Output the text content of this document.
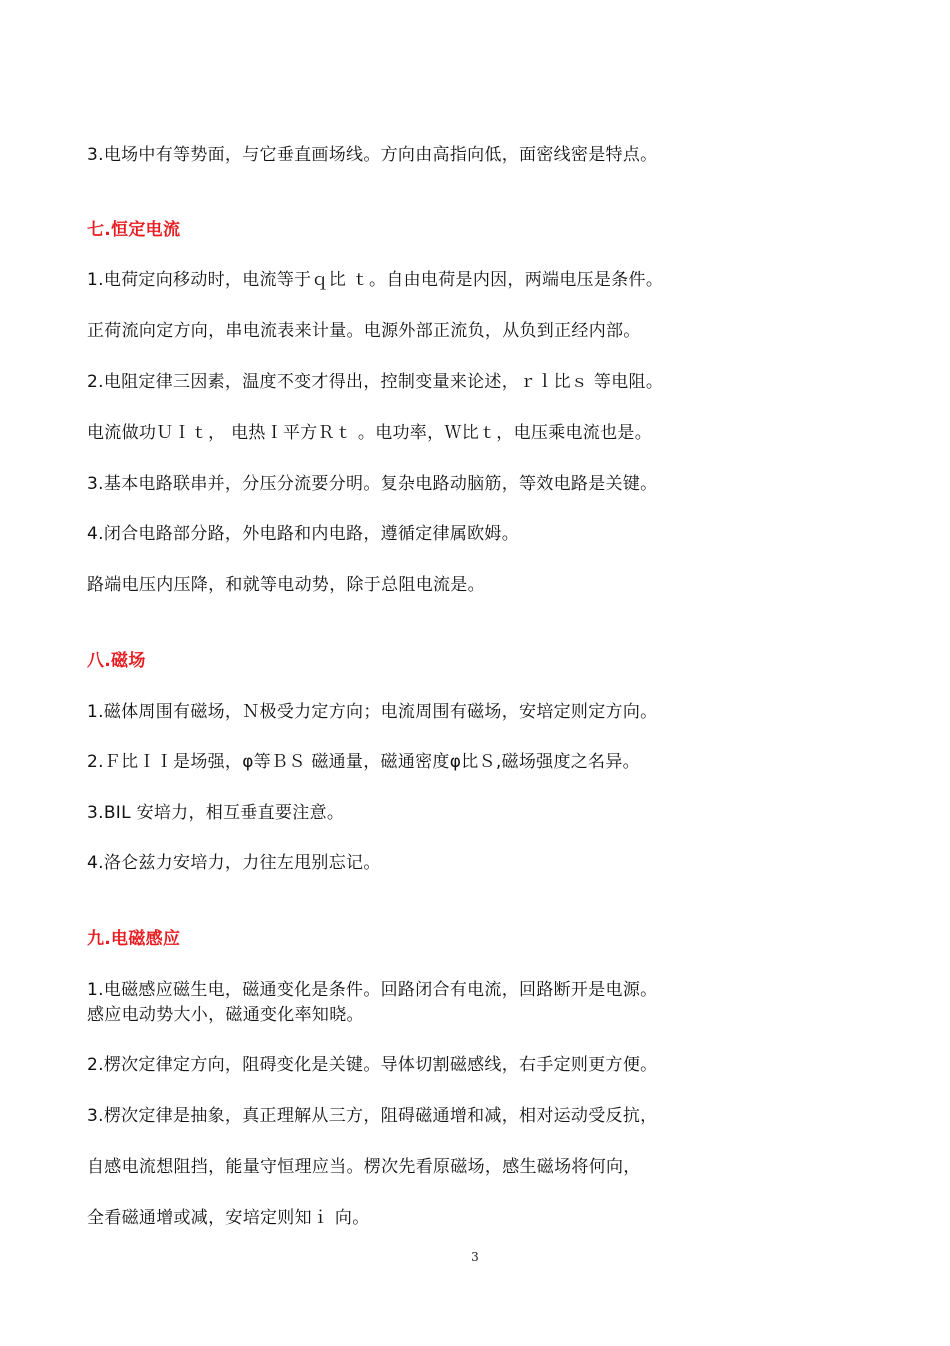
3.电场中有等势面，与它垂直画场线。方向由高指向低，面密线密是特点。
七.恒定电流
1.电荷定向移动时，电流等于ｑ比 ｔ。自由电荷是内因，两端电压是条件。
正荷流向定方向，串电流表来计量。电源外部正流负，从负到正经内部。
2.电阻定律三因素，温度不变才得出，控制变量来论述，ｒｌ比ｓ 等电阻。
电流做功ＵＩｔ， 电热Ｉ平方Ｒｔ 。电功率，Ｗ比ｔ，电压乘电流也是。
3.基本电路联串并，分压分流要分明。复杂电路动脑筋，等效电路是关键。
4.闭合电路部分路，外电路和内电路，遵循定律属欧姆。
路端电压内压降，和就等电动势，除于总阻电流是。
八.磁场
1.磁体周围有磁场，Ｎ极受力定方向；电流周围有磁场，安培定则定方向。
2.Ｆ比ＩＩ是场强，φ等ＢＳ 磁通量，磁通密度φ比Ｓ,磁场强度之名异。
3.BIL 安培力，相互垂直要注意。
4.洛仑兹力安培力，力往左甩别忘记。
九.电磁感应
1.电磁感应磁生电，磁通变化是条件。回路闭合有电流，回路断开是电源。
感应电动势大小，磁通变化率知晓。
2.楞次定律定方向，阻碍变化是关键。导体切割磁感线，右手定则更方便。
3.楞次定律是抽象，真正理解从三方，阻碍磁通增和减，相对运动受反抗，
自感电流想阻挡，能量守恒理应当。楞次先看原磁场，感生磁场将何向，
全看磁通增或减，安培定则知ｉ 向。
3
